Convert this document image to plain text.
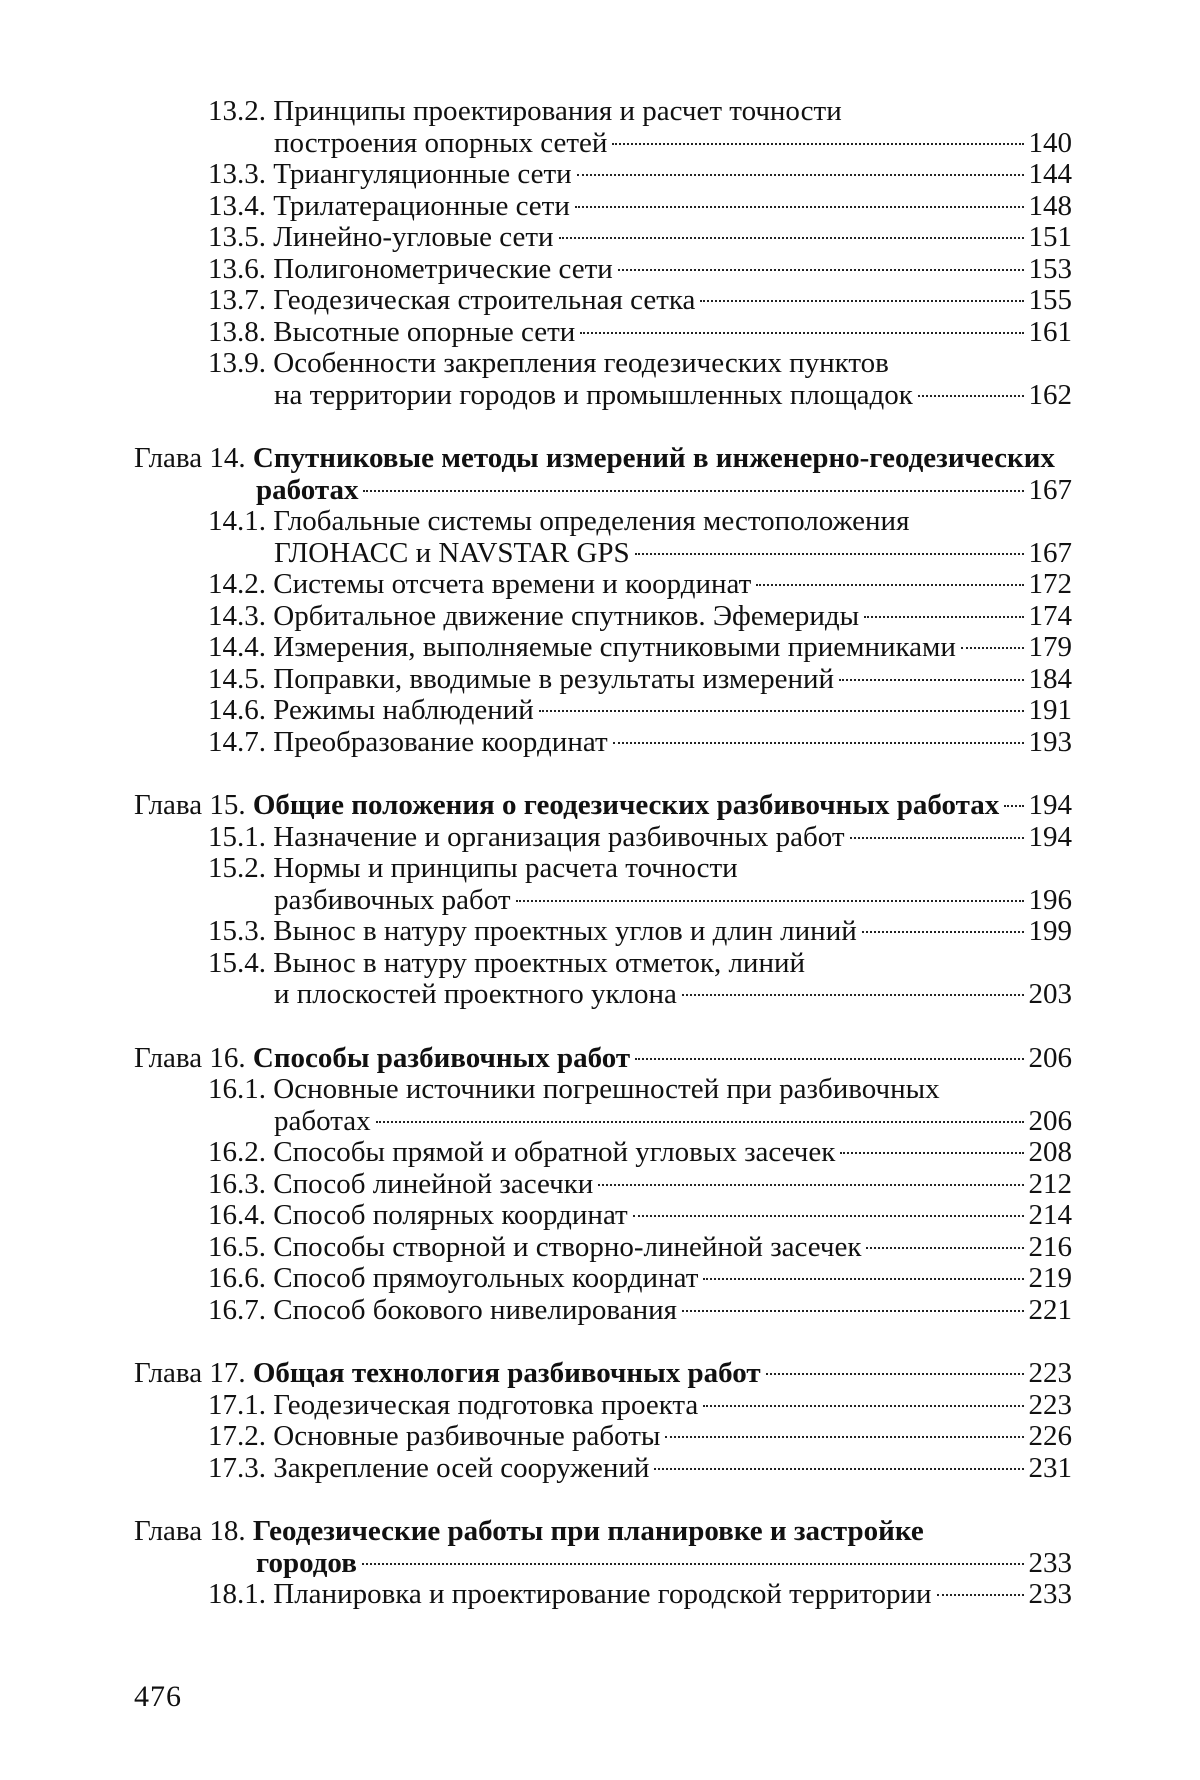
13.2. Принципы проектирования и расчет точности
построения опорных сетей	140
13.3. Триангуляционные сети	144
13.4. Трилатерационные сети	148
13.5. Линейно-угловые сети	151
13.6. Полигонометрические сети	153
13.7. Геодезическая строительная сетка	155
13.8. Высотные опорные сети	161
13.9. Особенности закрепления геодезических пунктов
на территории городов и промышленных площадок	162
Глава 14. Спутниковые методы измерений в инженерно-геодезических
работах	167
14.1. Глобальные системы определения местоположения
ГЛОНАСС и NAVSTAR GPS	167
14.2. Системы отсчета времени и координат	172
14.3. Орбитальное движение спутников. Эфемериды	174
14.4. Измерения, выполняемые спутниковыми приемниками	179
14.5. Поправки, вводимые в результаты измерений	184
14.6. Режимы наблюдений	191
14.7. Преобразование координат	193
Глава 15. Общие положения о геодезических разбивочных работах 194
15.1. Назначение и организация разбивочных работ	194
15.2. Нормы и принципы расчета точности
разбивочных работ	196
15.3. Вынос в натуру проектных углов и длин линий	199
15.4. Вынос в натуру проектных отметок, линий
и плоскостей проектного уклона	203
Глава 16. Способы разбивочных работ	206
16.1. Основные источники погрешностей при разбивочных
работах	206
16.2. Способы прямой и обратной угловых засечек	208
16.3. Способ линейной засечки	212
16.4. Способ полярных координат	214
16.5. Способы створной и створно-линейной засечек	216
16.6. Способ прямоугольных координат	219
16.7. Способ бокового нивелирования	221
Глава 17. Общая технология разбивочных работ	223
17.1. Геодезическая подготовка проекта	223
17.2. Основные разбивочные работы	226
17.3. Закрепление осей сооружений	231
Глава 18. Геодезические работы при планировке и застройке
городов	233
18.1. Планировка и проектирование городской территории	233
476
